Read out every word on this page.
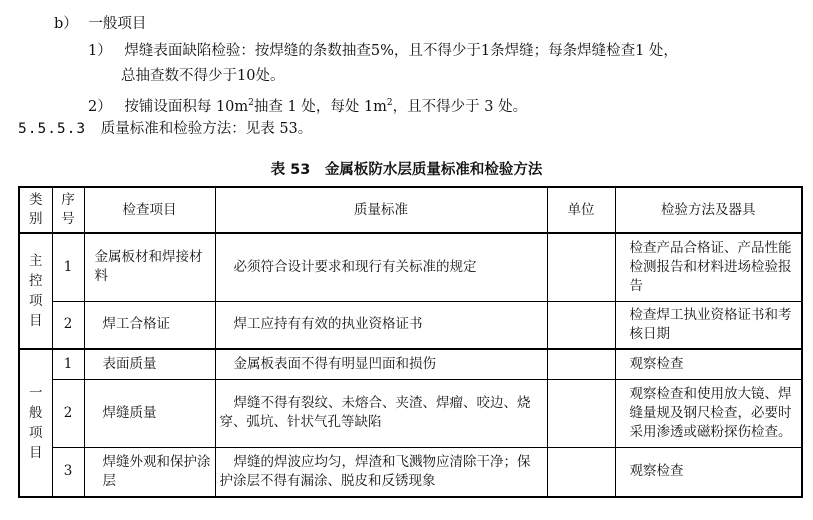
b） 一般项目
1） 焊缝表面缺陷检验：按焊缝的条数抽查5%，且不得少于1条焊缝；每条焊缝检查1 处，
总抽查数不得少于10处。
2） 按铺设面积每 $10m^2$抽查 1 处，每处 $1m^2$，且不得少于 3 处。
5.5.5.3 质量标准和检验方法：见表 53。
表 53　金属板防水层质量标准和检验方法
类别	序号	检查项目	质量标准	单位	检验方法及器具
主控项目	1	金属板材和焊接材料	必须符合设计要求和现行有关标准的规定		检查产品合格证、产品性能检测报告和材料进场检验报告
	2	焊工合格证	焊工应持有有效的执业资格证书		检查焊工执业资格证书和考核日期
一般项目	1	表面质量	金属板表面不得有明显凹面和损伤		观察检查
	2	焊缝质量	焊缝不得有裂纹、未熔合、夹渣、焊瘤、咬边、烧穿、弧坑、针状气孔等缺陷		观察检查和使用放大镜、焊缝量规及钢尺检查，必要时采用渗透或磁粉探伤检查。
	3	焊缝外观和保护涂层	焊缝的焊波应均匀，焊渣和飞溅物应清除干净；保护涂层不得有漏涂、脱皮和反锈现象		观察检查
